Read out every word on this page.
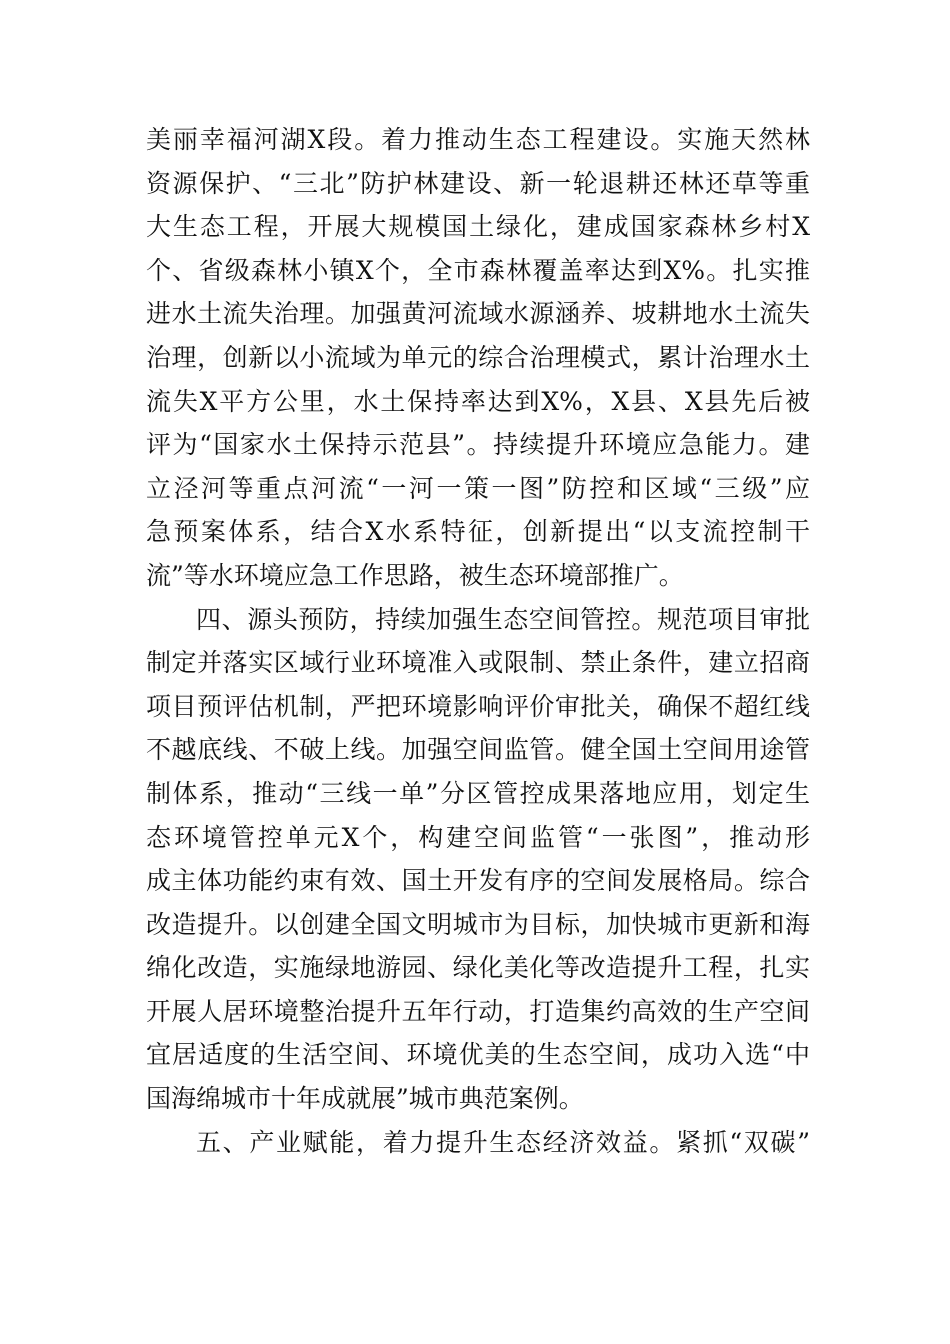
美丽幸福河湖X段。着力推动生态工程建设。实施天然林
资源保护、“三北”防护林建设、新一轮退耕还林还草等重
大生态工程，开展大规模国土绿化，建成国家森林乡村X
个、省级森林小镇X个，全市森林覆盖率达到X%。扎实推
进水土流失治理。加强黄河流域水源涵养、坡耕地水土流失
治理，创新以小流域为单元的综合治理模式，累计治理水土
流失X平方公里，水土保持率达到X%，X县、X县先后被
评为“国家水土保持示范县”。持续提升环境应急能力。建
立泾河等重点河流“一河一策一图”防控和区域“三级”应
急预案体系，结合X水系特征，创新提出“以支流控制干
流”等水环境应急工作思路，被生态环境部推广。
四、源头预防，持续加强生态空间管控。规范项目审批
制定并落实区域行业环境准入或限制、禁止条件，建立招商
项目预评估机制，严把环境影响评价审批关，确保不超红线
不越底线、不破上线。加强空间监管。健全国土空间用途管
制体系，推动“三线一单”分区管控成果落地应用，划定生
态环境管控单元X个，构建空间监管“一张图”，推动形
成主体功能约束有效、国土开发有序的空间发展格局。综合
改造提升。以创建全国文明城市为目标，加快城市更新和海
绵化改造，实施绿地游园、绿化美化等改造提升工程，扎实
开展人居环境整治提升五年行动，打造集约高效的生产空间
宜居适度的生活空间、环境优美的生态空间，成功入选“中
国海绵城市十年成就展”城市典范案例。
五、产业赋能，着力提升生态经济效益。紧抓“双碳”
